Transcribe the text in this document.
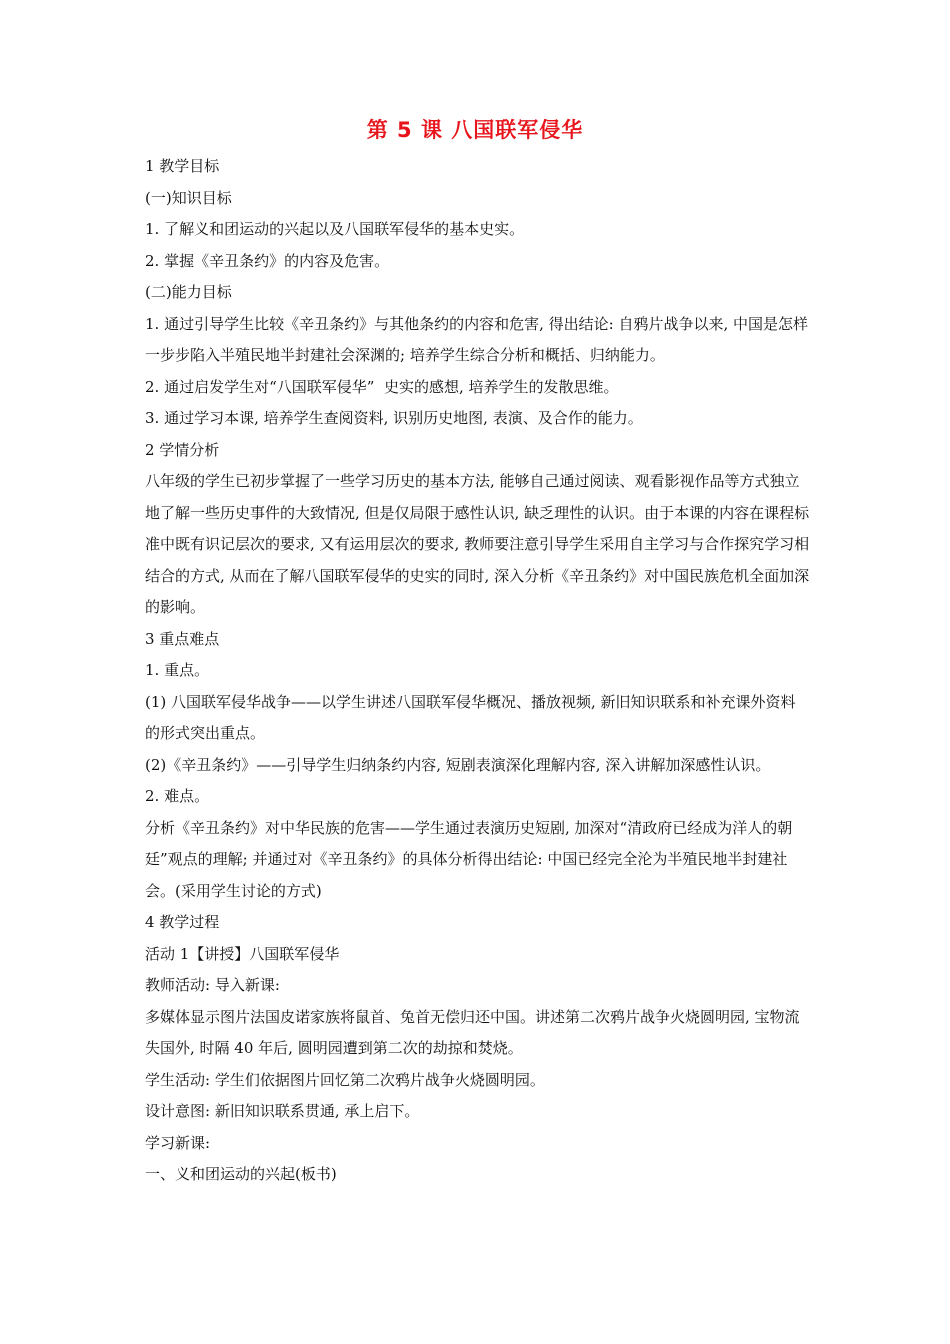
第 5 课 八国联军侵华

1 教学目标

(一)知识目标

1. 了解义和团运动的兴起以及八国联军侵华的基本史实。

2. 掌握《辛丑条约》的内容及危害。

(二)能力目标

1. 通过引导学生比较《辛丑条约》与其他条约的内容和危害, 得出结论: 自鸦片战争以来, 中国是怎样一步步陷入半殖民地半封建社会深渊的; 培养学生综合分析和概括、归纳能力。

2. 通过启发学生对“八国联军侵华”  史实的感想, 培养学生的发散思维。

3. 通过学习本课, 培养学生查阅资料, 识别历史地图, 表演、及合作的能力。

2 学情分析

八年级的学生已初步掌握了一些学习历史的基本方法, 能够自己通过阅读、观看影视作品等方式独立地了解一些历史事件的大致情况, 但是仅局限于感性认识, 缺乏理性的认识。由于本课的内容在课程标准中既有识记层次的要求, 又有运用层次的要求, 教师要注意引导学生采用自主学习与合作探究学习相结合的方式, 从而在了解八国联军侵华的史实的同时, 深入分析《辛丑条约》对中国民族危机全面加深的影响。

3 重点难点

1. 重点。

(1) 八国联军侵华战争——以学生讲述八国联军侵华概况、播放视频, 新旧知识联系和补充课外资料的形式突出重点。

(2)《辛丑条约》——引导学生归纳条约内容, 短剧表演深化理解内容, 深入讲解加深感性认识。

2. 难点。

分析《辛丑条约》对中华民族的危害——学生通过表演历史短剧, 加深对“清政府已经成为洋人的朝廷”观点的理解; 并通过对《辛丑条约》的具体分析得出结论: 中国已经完全沦为半殖民地半封建社会。(采用学生讨论的方式)

4 教学过程

活动 1【讲授】八国联军侵华

教师活动: 导入新课:

多媒体显示图片法国皮诺家族将鼠首、兔首无偿归还中国。讲述第二次鸦片战争火烧圆明园, 宝物流失国外, 时隔 40 年后, 圆明园遭到第二次的劫掠和焚烧。

学生活动: 学生们依据图片回忆第二次鸦片战争火烧圆明园。

设计意图: 新旧知识联系贯通, 承上启下。

学习新课:

一、义和团运动的兴起(板书)
